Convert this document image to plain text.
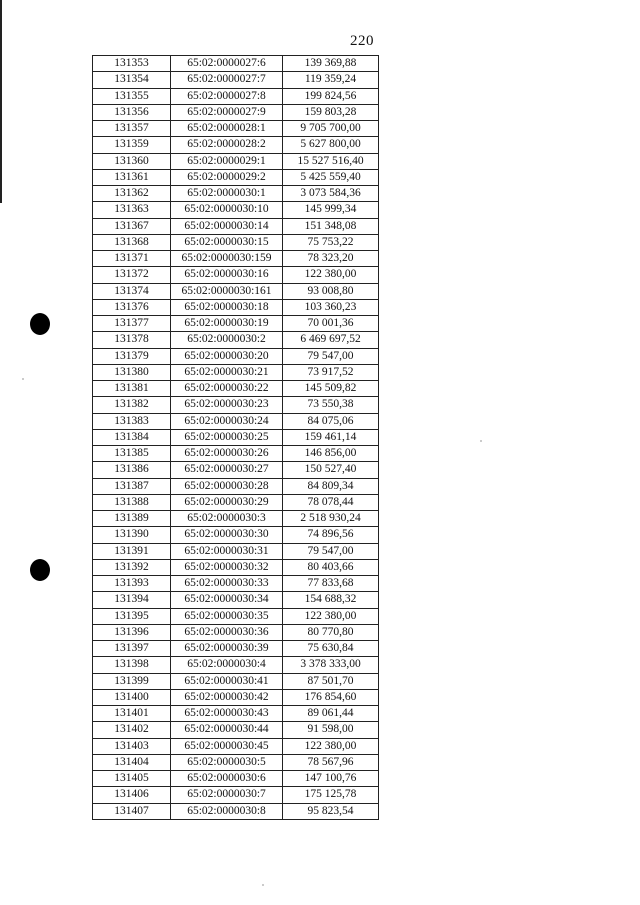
220
131353	65:02:0000027:6	139 369,88
131354	65:02:0000027:7	119 359,24
131355	65:02:0000027:8	199 824,56
131356	65:02:0000027:9	159 803,28
131357	65:02:0000028:1	9 705 700,00
131359	65:02:0000028:2	5 627 800,00
131360	65:02:0000029:1	15 527 516,40
131361	65:02:0000029:2	5 425 559,40
131362	65:02:0000030:1	3 073 584,36
131363	65:02:0000030:10	145 999,34
131367	65:02:0000030:14	151 348,08
131368	65:02:0000030:15	75 753,22
131371	65:02:0000030:159	78 323,20
131372	65:02:0000030:16	122 380,00
131374	65:02:0000030:161	93 008,80
131376	65:02:0000030:18	103 360,23
131377	65:02:0000030:19	70 001,36
131378	65:02:0000030:2	6 469 697,52
131379	65:02:0000030:20	79 547,00
131380	65:02:0000030:21	73 917,52
131381	65:02:0000030:22	145 509,82
131382	65:02:0000030:23	73 550,38
131383	65:02:0000030:24	84 075,06
131384	65:02:0000030:25	159 461,14
131385	65:02:0000030:26	146 856,00
131386	65:02:0000030:27	150 527,40
131387	65:02:0000030:28	84 809,34
131388	65:02:0000030:29	78 078,44
131389	65:02:0000030:3	2 518 930,24
131390	65:02:0000030:30	74 896,56
131391	65:02:0000030:31	79 547,00
131392	65:02:0000030:32	80 403,66
131393	65:02:0000030:33	77 833,68
131394	65:02:0000030:34	154 688,32
131395	65:02:0000030:35	122 380,00
131396	65:02:0000030:36	80 770,80
131397	65:02:0000030:39	75 630,84
131398	65:02:0000030:4	3 378 333,00
131399	65:02:0000030:41	87 501,70
131400	65:02:0000030:42	176 854,60
131401	65:02:0000030:43	89 061,44
131402	65:02:0000030:44	91 598,00
131403	65:02:0000030:45	122 380,00
131404	65:02:0000030:5	78 567,96
131405	65:02:0000030:6	147 100,76
131406	65:02:0000030:7	175 125,78
131407	65:02:0000030:8	95 823,54
